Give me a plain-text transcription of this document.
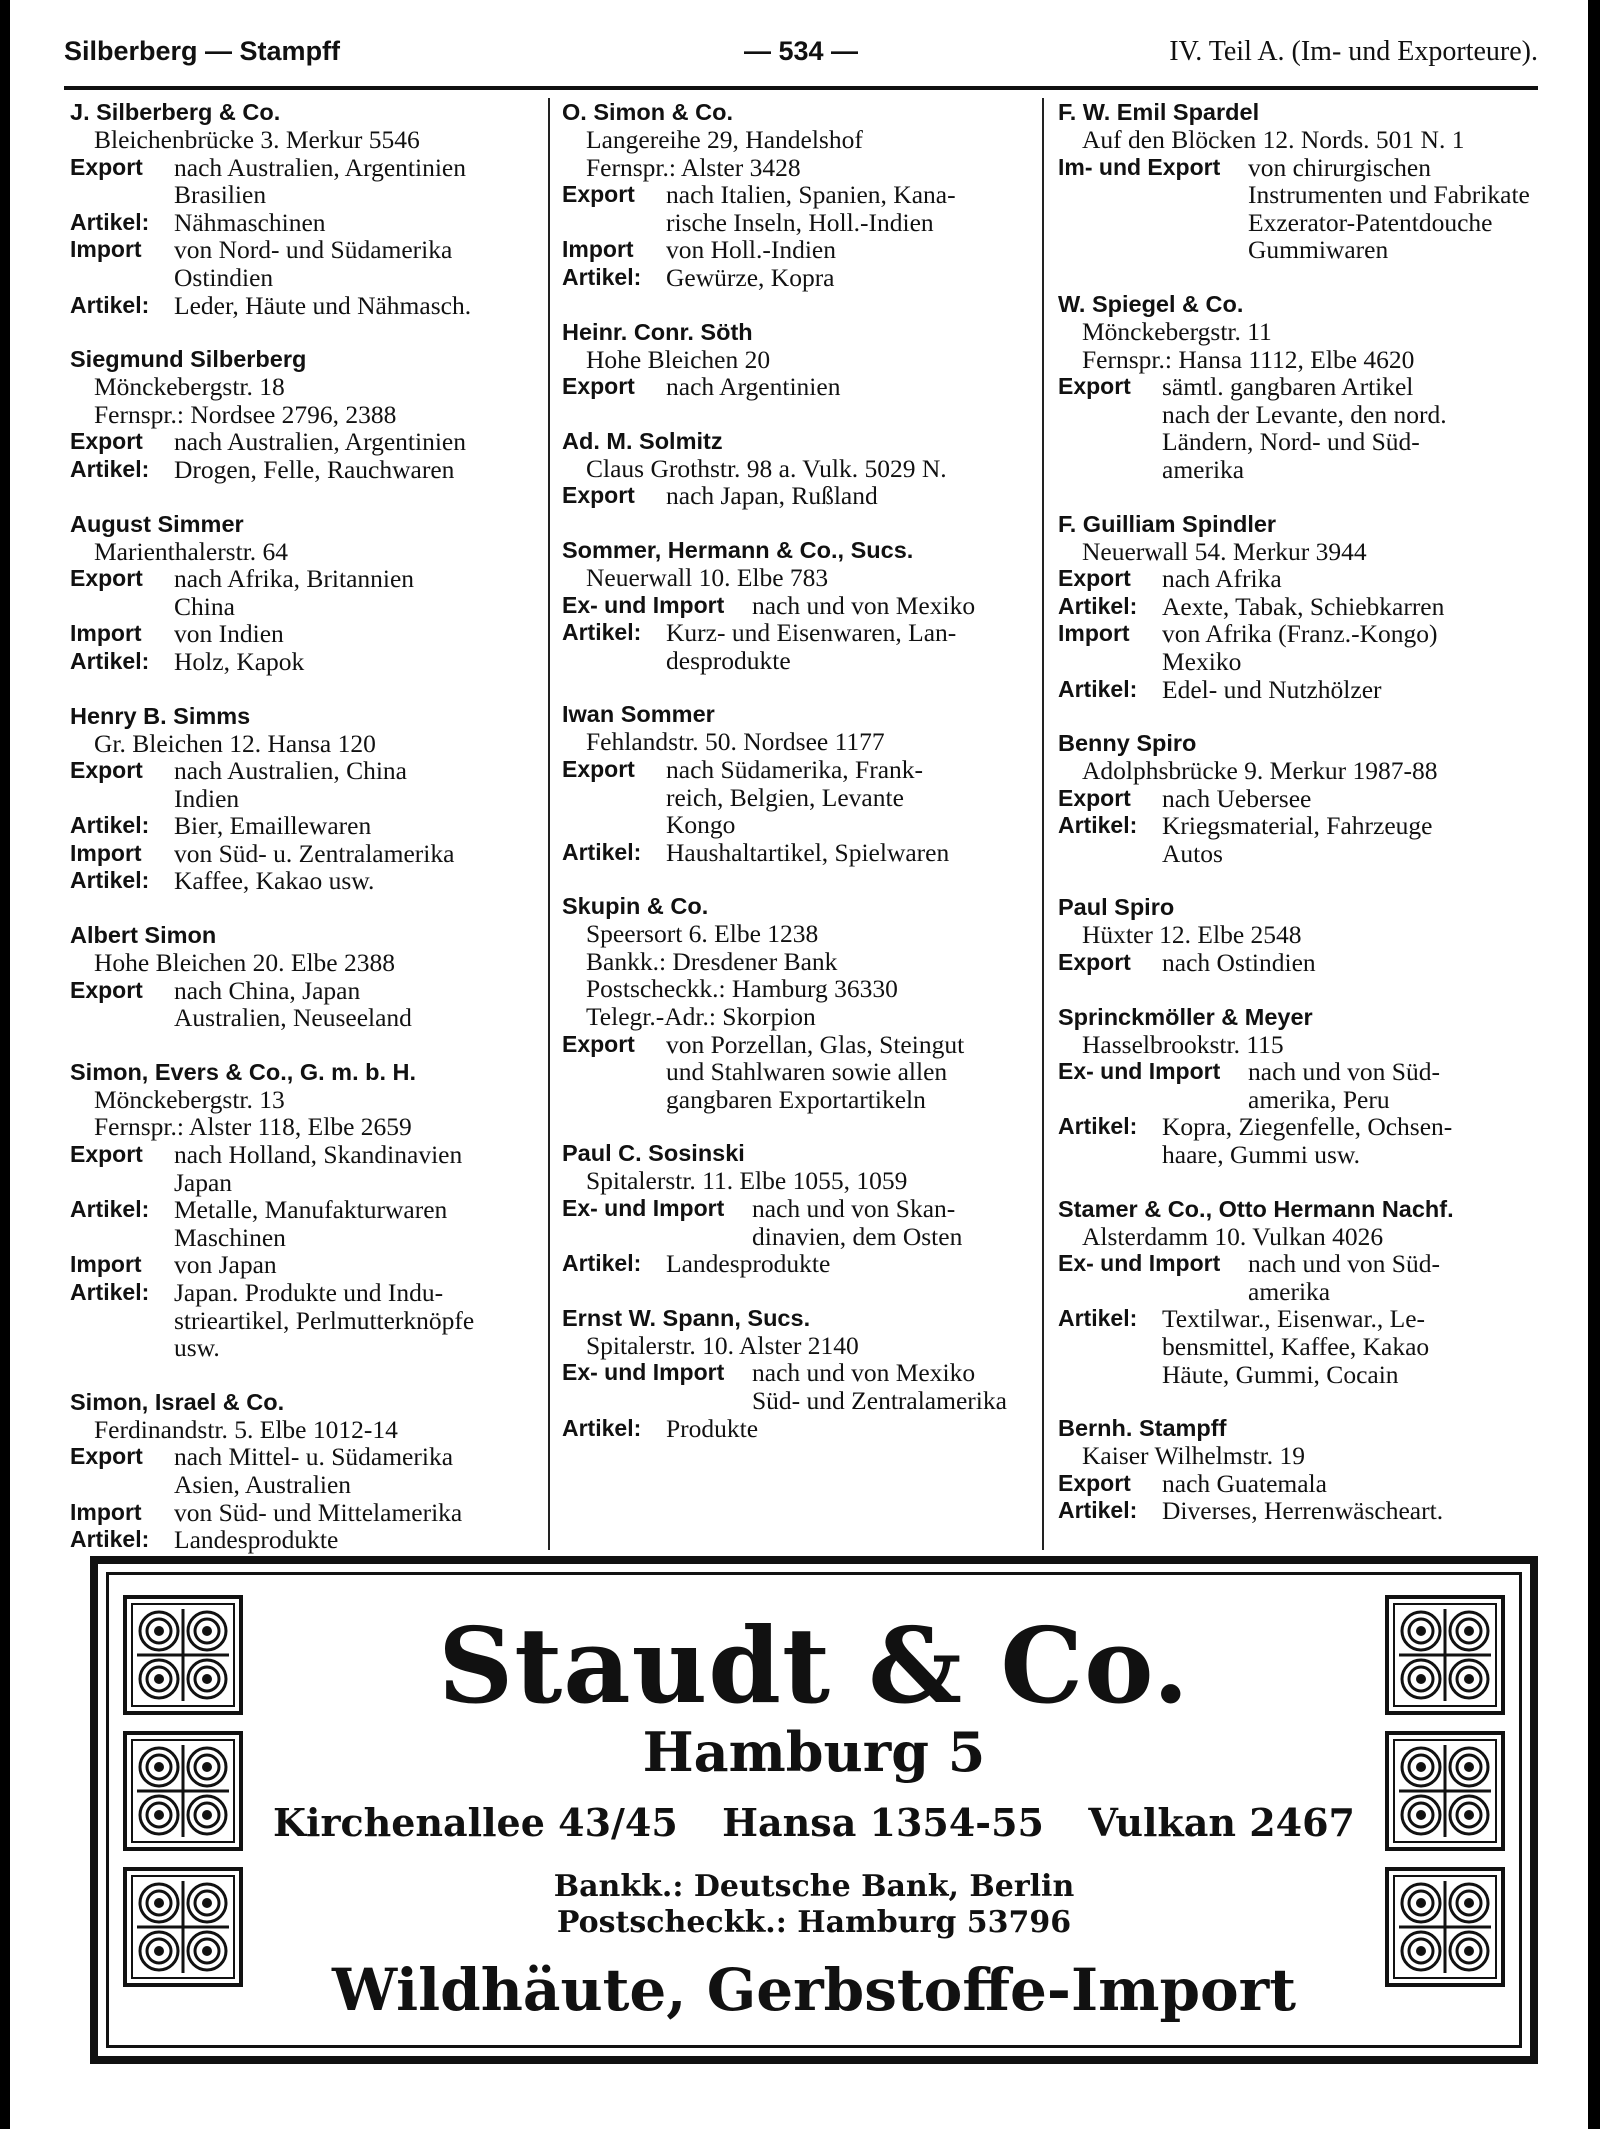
Silberberg — Stampff	— 534 —	IV. Teil A. (Im- und Exporteure).
J. Silberberg & Co.
Bleichenbrücke 3. Merkur 5546
Export	nach Australien, Argentinien
Brasilien
Artikel: Nähmaschinen
Import	von Nord- und Südamerika
Ostindien
Artikel: Leder, Häute und Nähmasch.
Siegmund Silberberg
Mönckebergstr. 18
Fernspr.: Nordsee 2796, 2388
Export	nach Australien, Argentinien
Artikel: Drogen, Felle, Rauchwaren
August Simmer
Marienthalerstr. 64
Export	nach Afrika, Britannien
China
Import	von Indien
Artikel: Holz, Kapok
Henry B. Simms
Gr. Bleichen 12. Hansa 120
Export	nach Australien, China
Indien
Artikel: Bier, Emaillewaren
Import	von Süd- u. Zentralamerika
Artikel: Kaffee, Kakao usw.
Albert Simon
Hohe Bleichen 20. Elbe 2388
Export	nach China, Japan
Australien, Neuseeland
Simon, Evers & Co., G. m. b. H.
Mönckebergstr. 13
Fernspr.: Alster 118, Elbe 2659
Export	nach Holland, Skandinavien
Japan
Artikel: Metalle, Manufakturwaren
Maschinen
Import	von Japan
Artikel: Japan. Produkte und Indu-
strieartikel, Perlmutterknöpfe
usw.
Simon, Israel & Co.
Ferdinandstr. 5. Elbe 1012-14
Export	nach Mittel- u. Südamerika
Asien, Australien
Import	von Süd- und Mittelamerika
Artikel: Landesprodukte
O. Simon & Co.
Langereihe 29, Handelshof
Fernspr.: Alster 3428
Export	nach Italien, Spanien, Kana-
rische Inseln, Holl.-Indien
Import	von Holl.-Indien
Artikel: Gewürze, Kopra
Heinr. Conr. Söth
Hohe Bleichen 20
Export	nach Argentinien
Ad. M. Solmitz
Claus Grothstr. 98 a. Vulk. 5029 N.
Export	nach Japan, Rußland
Sommer, Hermann & Co., Sucs.
Neuerwall 10. Elbe 783
Ex- und Import	nach und von Mexiko
Artikel: Kurz- und Eisenwaren, Lan-
desprodukte
Iwan Sommer
Fehlandstr. 50. Nordsee 1177
Export	nach Südamerika, Frank-
reich, Belgien, Levante
Kongo
Artikel: Haushaltartikel, Spielwaren
Skupin & Co.
Speersort 6. Elbe 1238
Bankk.: Dresdener Bank
Postscheckk.: Hamburg 36330
Telegr.-Adr.: Skorpion
Export	von Porzellan, Glas, Steingut
und Stahlwaren sowie allen
gangbaren Exportartikeln
Paul C. Sosinski
Spitalerstr. 11. Elbe 1055, 1059
Ex- und Import	nach und von Skan-
dinavien, dem Osten
Artikel: Landesprodukte
Ernst W. Spann, Sucs.
Spitalerstr. 10. Alster 2140
Ex- und Import	nach und von Mexiko
Süd- und Zentralamerika
Artikel: Produkte
F. W. Emil Spardel
Auf den Blöcken 12. Nords. 501 N. 1
Im- und Export	von chirurgischen
Instrumenten und Fabrikate
Exzerator-Patentdouche
Gummiwaren
W. Spiegel & Co.
Mönckebergstr. 11
Fernspr.: Hansa 1112, Elbe 4620
Export	sämtl. gangbaren Artikel
nach der Levante, den nord.
Ländern, Nord- und Süd-
amerika
F. Guilliam Spindler
Neuerwall 54. Merkur 3944
Export	nach Afrika
Artikel: Aexte, Tabak, Schiebkarren
Import	von Afrika (Franz.-Kongo)
Mexiko
Artikel: Edel- und Nutzhölzer
Benny Spiro
Adolphsbrücke 9. Merkur 1987-88
Export	nach Uebersee
Artikel: Kriegsmaterial, Fahrzeuge
Autos
Paul Spiro
Hüxter 12. Elbe 2548
Export	nach Ostindien
Sprinckmöller & Meyer
Hasselbrookstr. 115
Ex- und Import	nach und von Süd-
amerika, Peru
Artikel: Kopra, Ziegenfelle, Ochsen-
haare, Gummi usw.
Stamer & Co., Otto Hermann Nachf.
Alsterdamm 10. Vulkan 4026
Ex- und Import	nach und von Süd-
amerika
Artikel: Textilwar., Eisenwar., Le-
bensmittel, Kaffee, Kakao
Häute, Gummi, Cocain
Bernh. Stampff
Kaiser Wilhelmstr. 19
Export	nach Guatemala
Artikel: Diverses, Herrenwäscheart.
Staudt & Co.
Hamburg 5
Kirchenallee 43/45 Hansa 1354-55 Vulkan 2467
Bankk.: Deutsche Bank, Berlin
Postscheckk.: Hamburg 53796
Wildhäute, Gerbstoffe-Import
